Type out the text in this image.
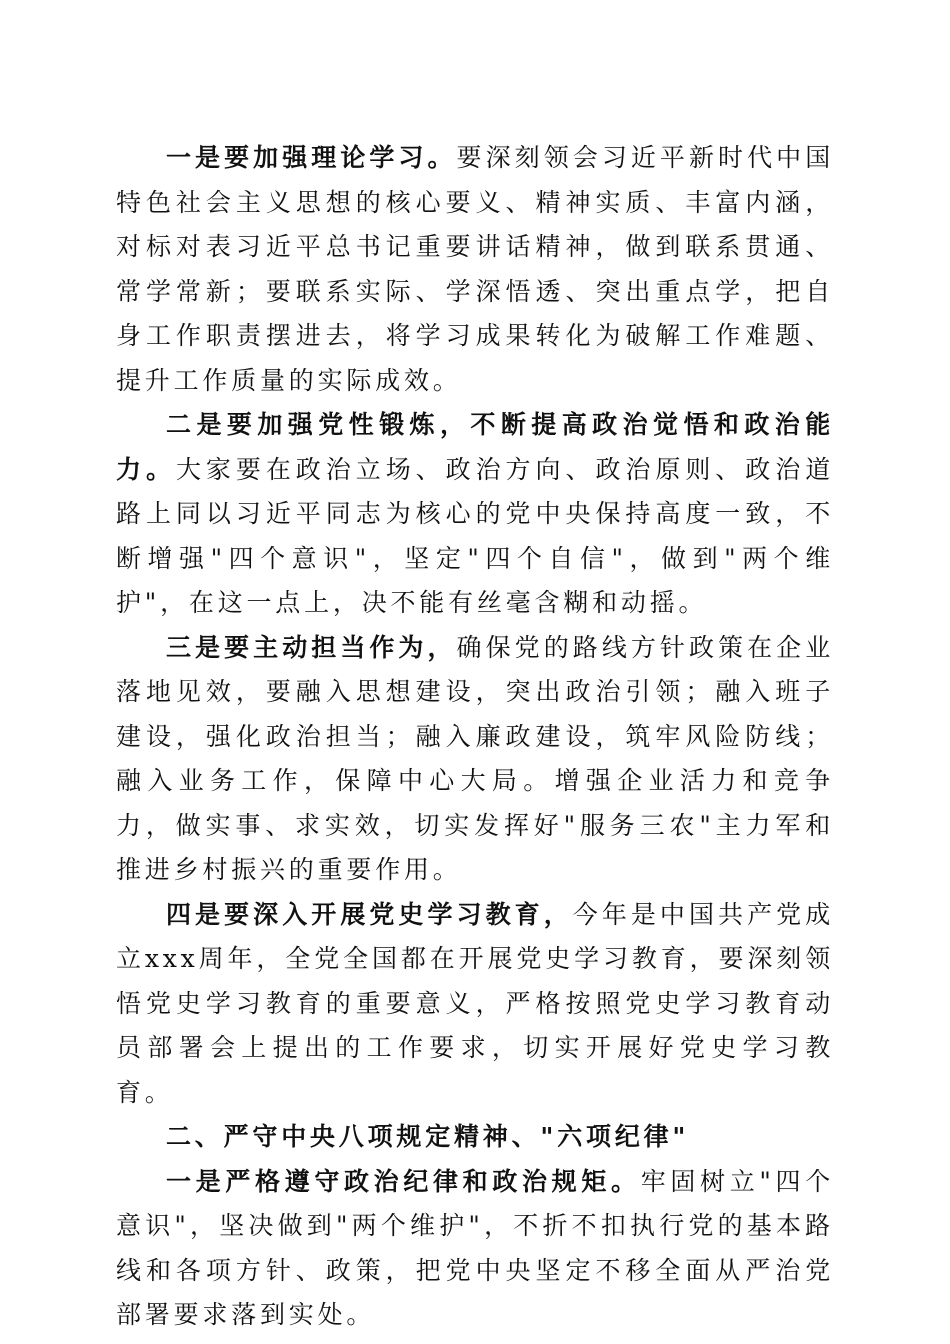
一是要加强理论学习。要深刻领会习近平新时代中国特色社会主义思想的核心要义、精神实质、丰富内涵，对标对表习近平总书记重要讲话精神，做到联系贯通、常学常新；要联系实际、学深悟透、突出重点学，把自身工作职责摆进去，将学习成果转化为破解工作难题、提升工作质量的实际成效。

二是要加强党性锻炼，不断提高政治觉悟和政治能力。大家要在政治立场、政治方向、政治原则、政治道路上同以习近平同志为核心的党中央保持高度一致，不断增强"四个意识"，坚定"四个自信"，做到"两个维护"，在这一点上，决不能有丝毫含糊和动摇。

三是要主动担当作为，确保党的路线方针政策在企业落地见效，要融入思想建设，突出政治引领；融入班子建设，强化政治担当；融入廉政建设，筑牢风险防线；融入业务工作，保障中心大局。增强企业活力和竞争力，做实事、求实效，切实发挥好"服务三农"主力军和推进乡村振兴的重要作用。

四是要深入开展党史学习教育，今年是中国共产党成立xxx周年，全党全国都在开展党史学习教育，要深刻领悟党史学习教育的重要意义，严格按照党史学习教育动员部署会上提出的工作要求，切实开展好党史学习教育。

二、严守中央八项规定精神、"六项纪律"

一是严格遵守政治纪律和政治规矩。牢固树立"四个意识"，坚决做到"两个维护"，不折不扣执行党的基本路线和各项方针、政策，把党中央坚定不移全面从严治党部署要求落到实处。
